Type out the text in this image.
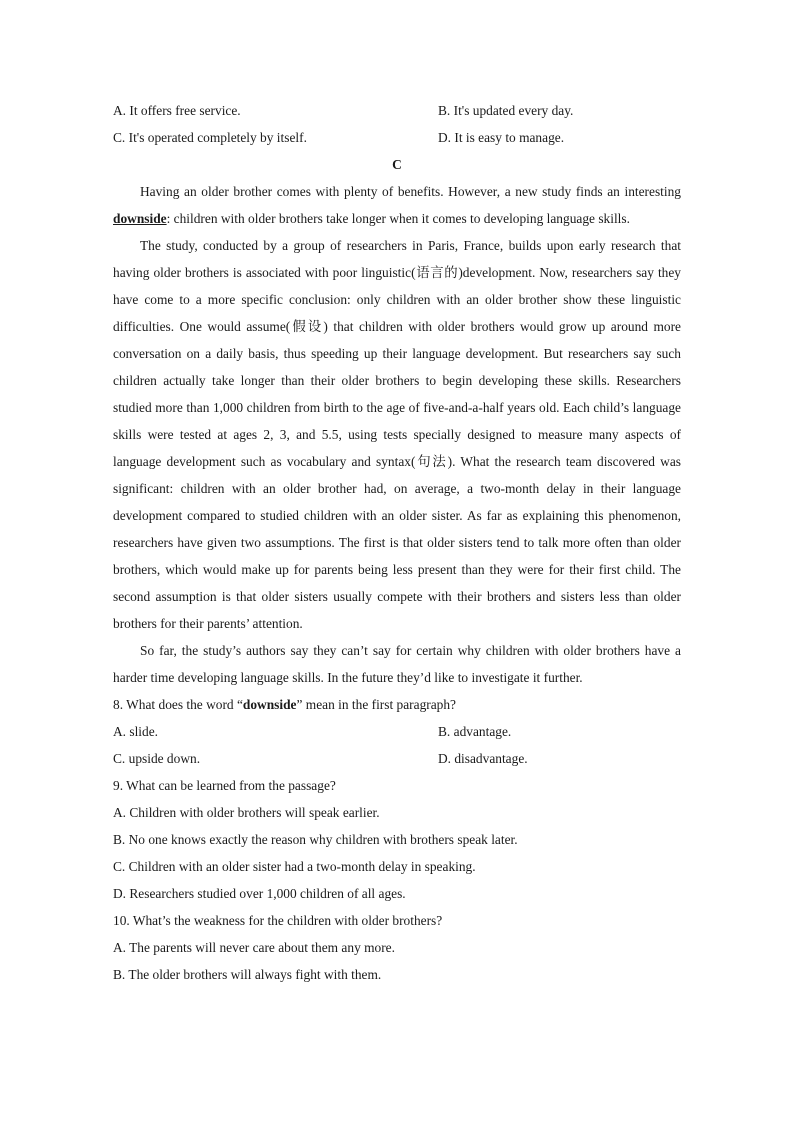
A. It offers free service.	B. It's updated every day.
C. It's operated completely by itself.	D. It is easy to manage.
C
Having an older brother comes with plenty of benefits. However, a new study finds an interesting downside: children with older brothers take longer when it comes to developing language skills.
The study, conducted by a group of researchers in Paris, France, builds upon early research that having older brothers is associated with poor linguistic(语言的)development. Now, researchers say they have come to a more specific conclusion: only children with an older brother show these linguistic difficulties. One would assume(假设) that children with older brothers would grow up around more conversation on a daily basis, thus speeding up their language development. But researchers say such children actually take longer than their older brothers to begin developing these skills. Researchers studied more than 1,000 children from birth to the age of five-and-a-half years old. Each child’s language skills were tested at ages 2, 3, and 5.5, using tests specially designed to measure many aspects of language development such as vocabulary and syntax(句法). What the research team discovered was significant: children with an older brother had, on average, a two-month delay in their language development compared to studied children with an older sister. As far as explaining this phenomenon, researchers have given two assumptions. The first is that older sisters tend to talk more often than older brothers, which would make up for parents being less present than they were for their first child. The second assumption is that older sisters usually compete with their brothers and sisters less than older brothers for their parents’ attention.
So far, the study’s authors say they can’t say for certain why children with older brothers have a harder time developing language skills. In the future they’d like to investigate it further.
8. What does the word “downside” mean in the first paragraph?
A. slide.	B. advantage.
C. upside down.	D. disadvantage.
9. What can be learned from the passage?
A. Children with older brothers will speak earlier.
B. No one knows exactly the reason why children with brothers speak later.
C. Children with an older sister had a two-month delay in speaking.
D. Researchers studied over 1,000 children of all ages.
10. What’s the weakness for the children with older brothers?
A. The parents will never care about them any more.
B. The older brothers will always fight with them.
